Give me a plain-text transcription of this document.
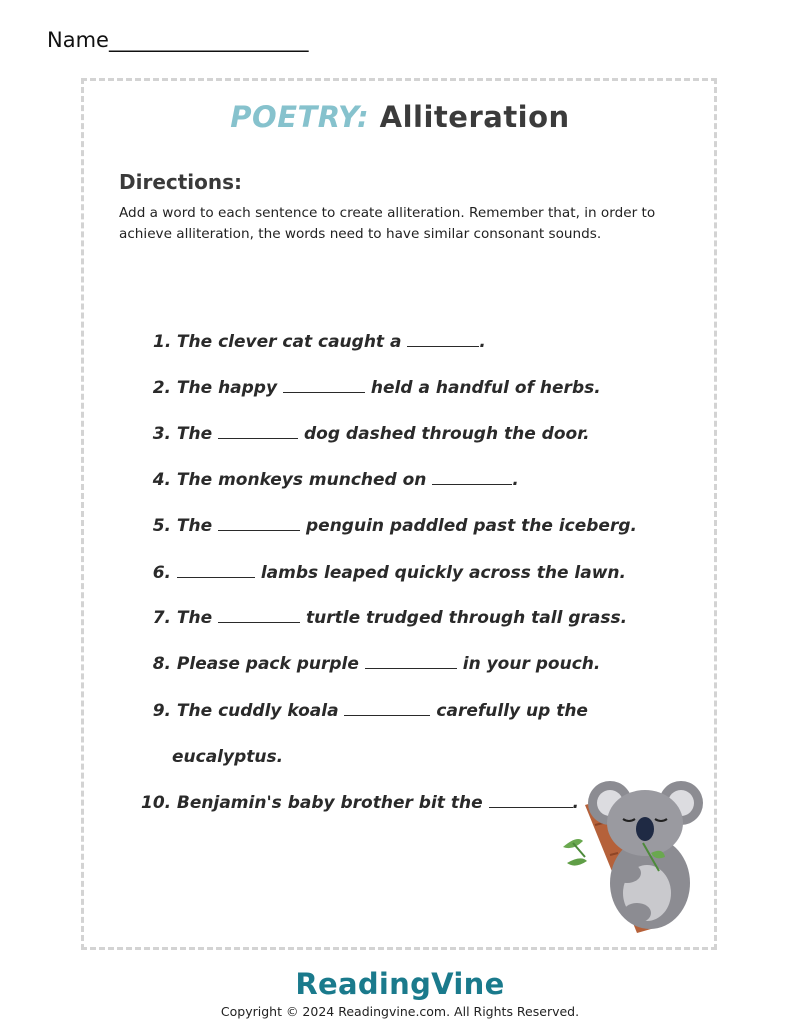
Name___________________
POETRY: Alliteration
Directions:
Add a word to each sentence to create alliteration. Remember that, in order to achieve alliteration, the words need to have similar consonant sounds.
1. The clever cat caught a	.
2. The happy	held a handful of herbs.
3. The	dog dashed through the door.
4. The monkeys munched on	.
5. The	penguin paddled past the iceberg.
6.	lambs leaped quickly across the lawn.
7. The	turtle trudged through tall grass.
8. Please pack purple	in your pouch.
9. The cuddly koala	carefully up the
eucalyptus.
10. Benjamin's baby brother bit the	.
ReadingVine
Copyright © 2024 Readingvine.com. All Rights Reserved.
